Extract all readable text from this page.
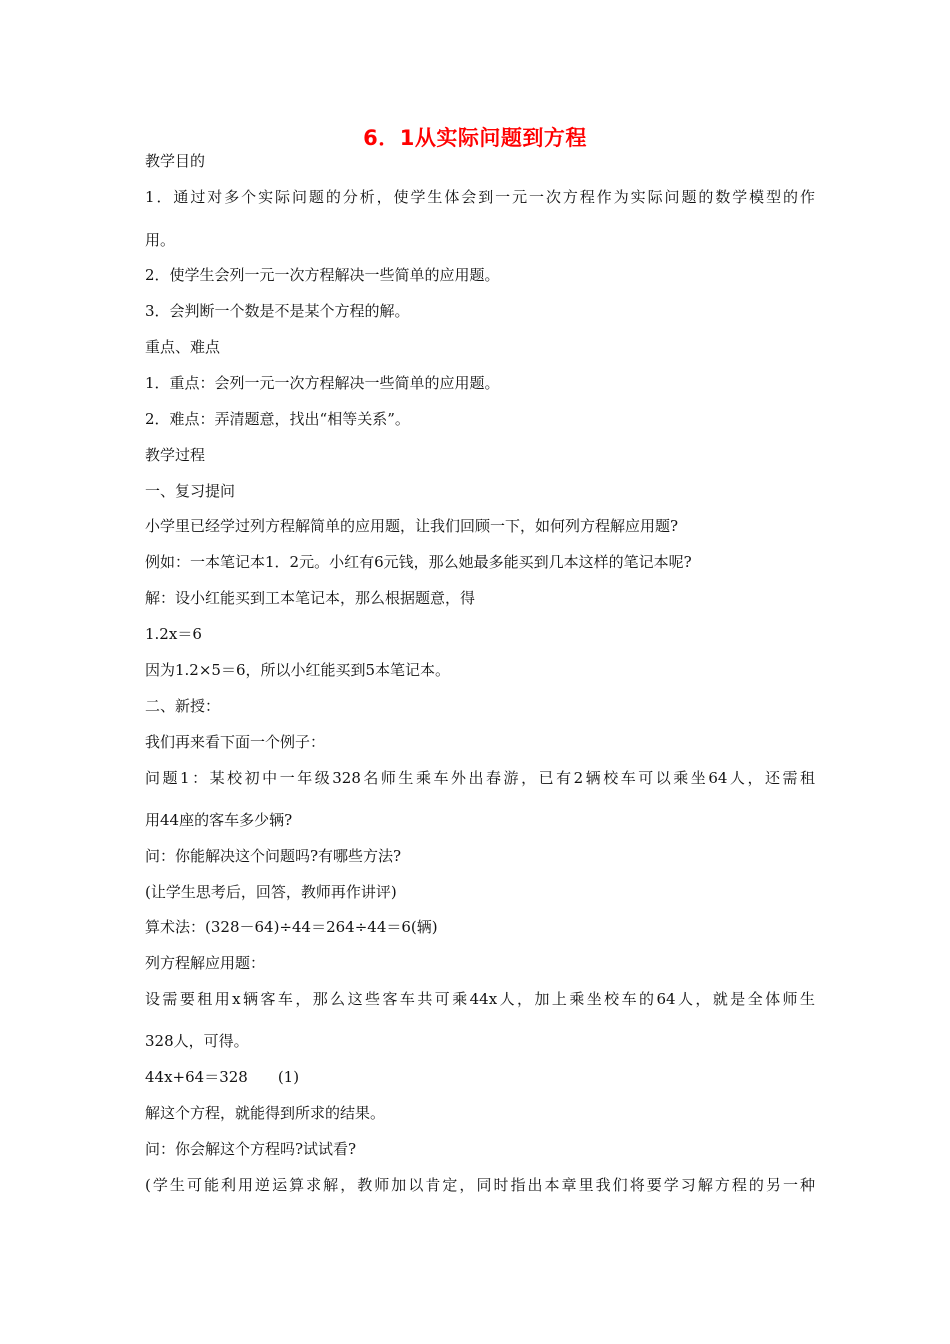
6．1从实际问题到方程
教学目的
1．通过对多个实际问题的分析，使学生体会到一元一次方程作为实际问题的数学模型的作
用。
2．使学生会列一元一次方程解决一些简单的应用题。
3．会判断一个数是不是某个方程的解。
重点、难点
1．重点：会列一元一次方程解决一些简单的应用题。
2．难点：弄清题意，找出“相等关系”。
教学过程
一、复习提问
小学里已经学过列方程解简单的应用题，让我们回顾一下，如何列方程解应用题?
例如：一本笔记本1．2元。小红有6元钱，那么她最多能买到几本这样的笔记本呢?
解：设小红能买到工本笔记本，那么根据题意，得
1.2x＝6
因为1.2×5＝6，所以小红能买到5本笔记本。
二、新授：
我们再来看下面一个例子：
问题1：某校初中一年级328名师生乘车外出春游，已有2辆校车可以乘坐64人，还需租
用44座的客车多少辆?
问：你能解决这个问题吗?有哪些方法?
(让学生思考后，回答，教师再作讲评)
算术法：(328－64)÷44＝264÷44＝6(辆)
列方程解应用题：
设需要租用x辆客车，那么这些客车共可乘44x人，加上乘坐校车的64人，就是全体师生
328人，可得。
44x+64＝328　　(1)
解这个方程，就能得到所求的结果。
问：你会解这个方程吗?试试看?
(学生可能利用逆运算求解，教师加以肯定，同时指出本章里我们将要学习解方程的另一种
